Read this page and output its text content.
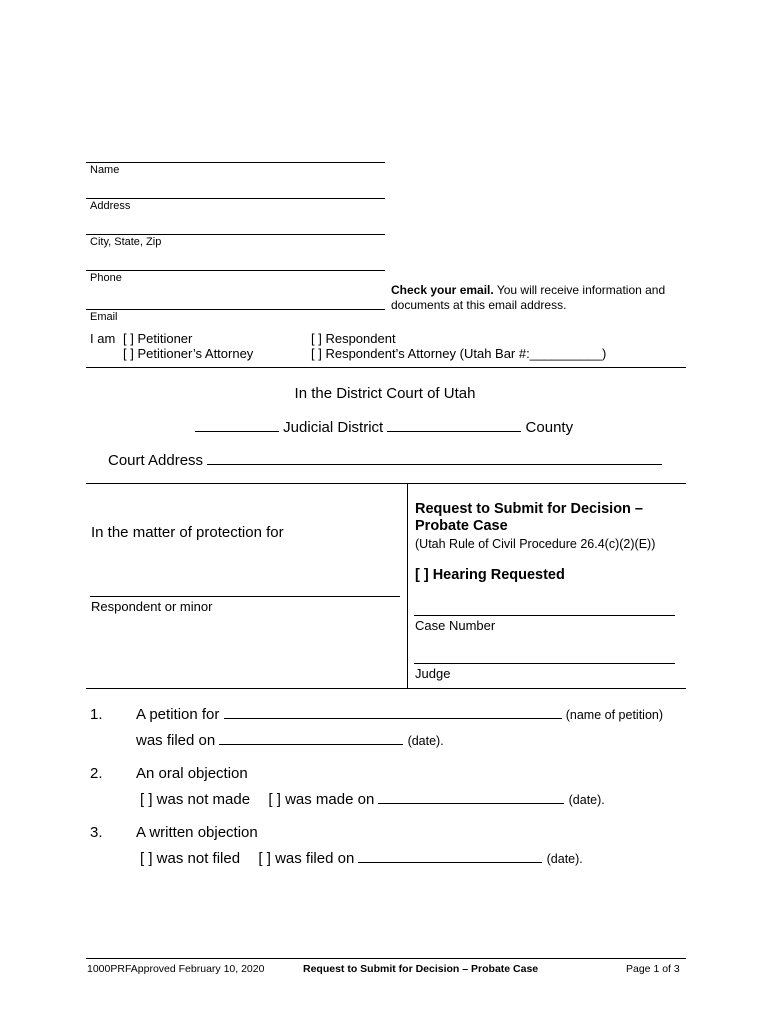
Name
Address
City, State, Zip
Phone
Check your email. You will receive information and documents at this email address.
Email
I am [ ] Petitioner
[ ] Petitioner’s Attorney
[ ] Respondent
[ ] Respondent’s Attorney (Utah Bar #:__________)
In the District Court of Utah
Judicial District	County
Court Address
In the matter of protection for
Respondent or minor
Request to Submit for Decision –
Probate Case
(Utah Rule of Civil Procedure 26.4(c)(2)(E))
[ ] Hearing Requested
Case Number
Judge
1. A petition for	(name of petition)
was filed on	(date).
2. An oral objection
[ ] was not made [ ] was made on	(date).
3. A written objection
[ ] was not filed [ ] was filed on	(date).
1000PRFApproved February 10, 2020	Request to Submit for Decision – Probate Case	Page 1 of 3
